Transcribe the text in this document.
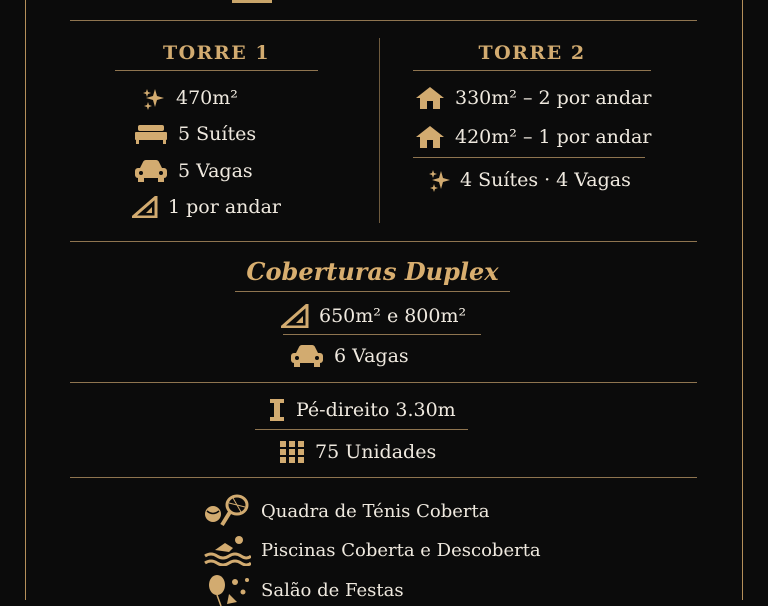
TORRE 1
470m²
5 Suítes
5 Vagas
1 por andar
TORRE 2
330m² – 2 por andar
420m² – 1 por andar
4 Suítes · 4 Vagas
Coberturas Duplex
650m² e 800m²
6 Vagas
Pé-direito 3.30m
75 Unidades
Quadra de Ténis Coberta
Piscinas Coberta e Descoberta
Salão de Festas
